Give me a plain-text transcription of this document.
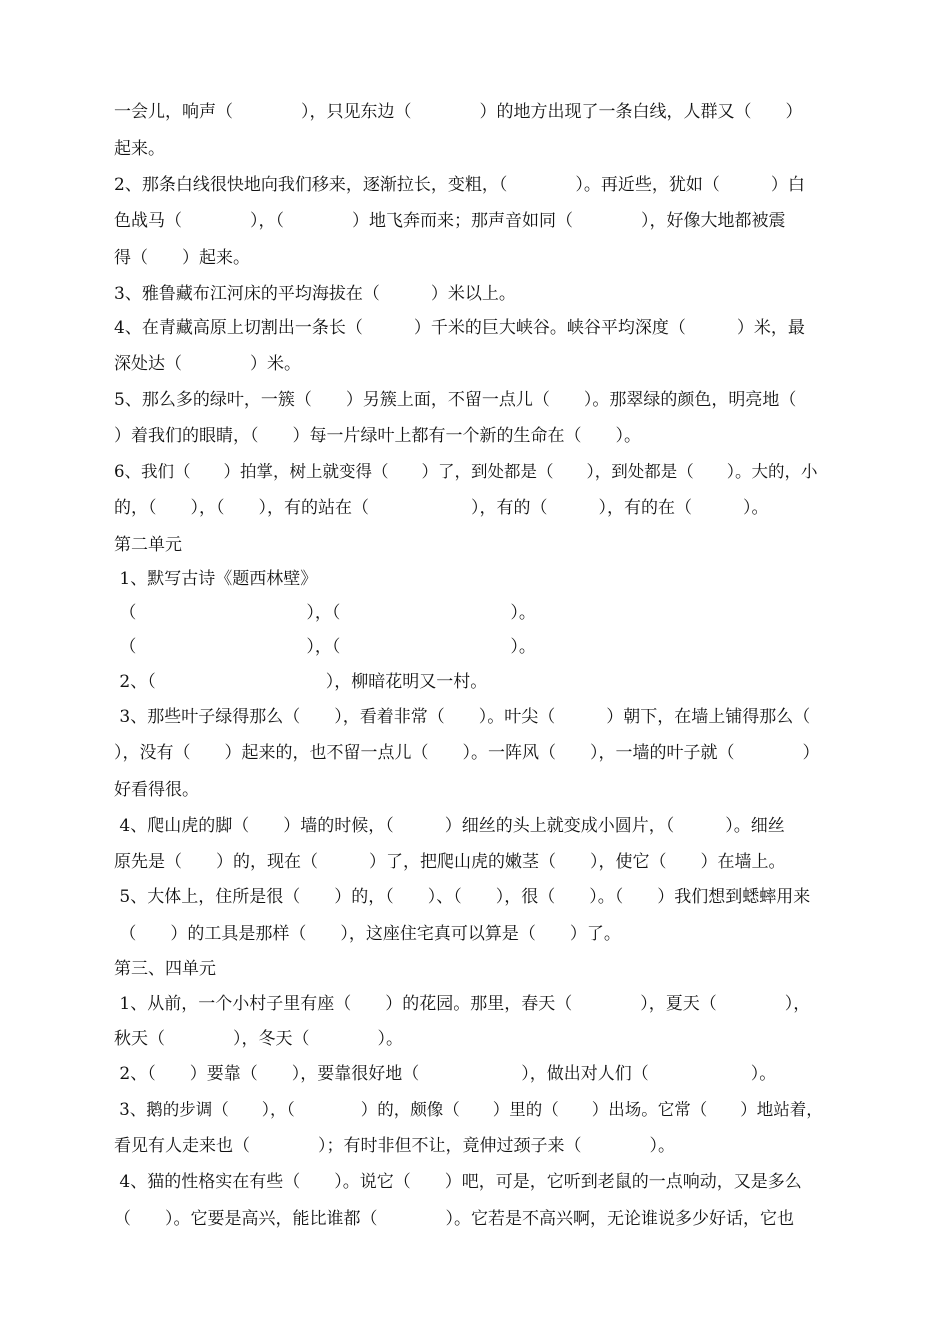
一会儿，响声（　　　　），只见东边（　　　　）的地方出现了一条白线，人群又（　　）
起来。
2、那条白线很快地向我们移来，逐渐拉长，变粗，（　　　　）。再近些，犹如（　　　）白
色战马（　　　　），（　　　　）地飞奔而来；那声音如同（　　　　），好像大地都被震
得（　　）起来。
3、雅鲁藏布江河床的平均海拔在（　　　）米以上。
4、在青藏高原上切割出一条长（　　　）千米的巨大峡谷。峡谷平均深度（　　　）米，最
深处达（　　　　）米。
5、那么多的绿叶，一簇（　　）另簇上面，不留一点儿（　　）。那翠绿的颜色，明亮地（
）着我们的眼睛，（　　）每一片绿叶上都有一个新的生命在（　　）。
6、我们（　　）拍掌，树上就变得（　　）了，到处都是（　　），到处都是（　　）。大的，小
的，（　　），（　　），有的站在（　　　　　　），有的（　　　），有的在（　　　）。
第二单元
1、默写古诗《题西林壁》
（　　　　　　　　　　），（　　　　　　　　　　）。
（　　　　　　　　　　），（　　　　　　　　　　）。
2、（　　　　　　　　　　），柳暗花明又一村。
3、那些叶子绿得那么（　　），看着非常（　　）。叶尖（　　　）朝下，在墙上铺得那么（
），没有（　　）起来的，也不留一点儿（　　）。一阵风（　　），一墙的叶子就（　　　　）
好看得很。
4、爬山虎的脚（　　）墙的时候，（　　　）细丝的头上就变成小圆片，（　　　）。细丝
原先是（　　）的，现在（　　　）了，把爬山虎的嫩茎（　　），使它（　　）在墙上。
5、大体上，住所是很（　　）的，（　　）、（　　），很（　　）。（　　）我们想到蟋蟀用来
（　　）的工具是那样（　　），这座住宅真可以算是（　　）了。
第三、四单元
1、从前，一个小村子里有座（　　）的花园。那里，春天（　　　　），夏天（　　　　），
秋天（　　　　），冬天（　　　　）。
2、（　　）要靠（　　），要靠很好地（　　　　　　），做出对人们（　　　　　　）。
3、鹅的步调（　　），（　　　　）的，颇像（　　）里的（　　）出场。它常（　　）地站着，
看见有人走来也（　　　　）；有时非但不让，竟伸过颈子来（　　　　）。
4、猫的性格实在有些（　　）。说它（　　）吧，可是，它听到老鼠的一点响动，又是多么
（　　）。它要是高兴，能比谁都（　　　　）。它若是不高兴啊，无论谁说多少好话，它也
